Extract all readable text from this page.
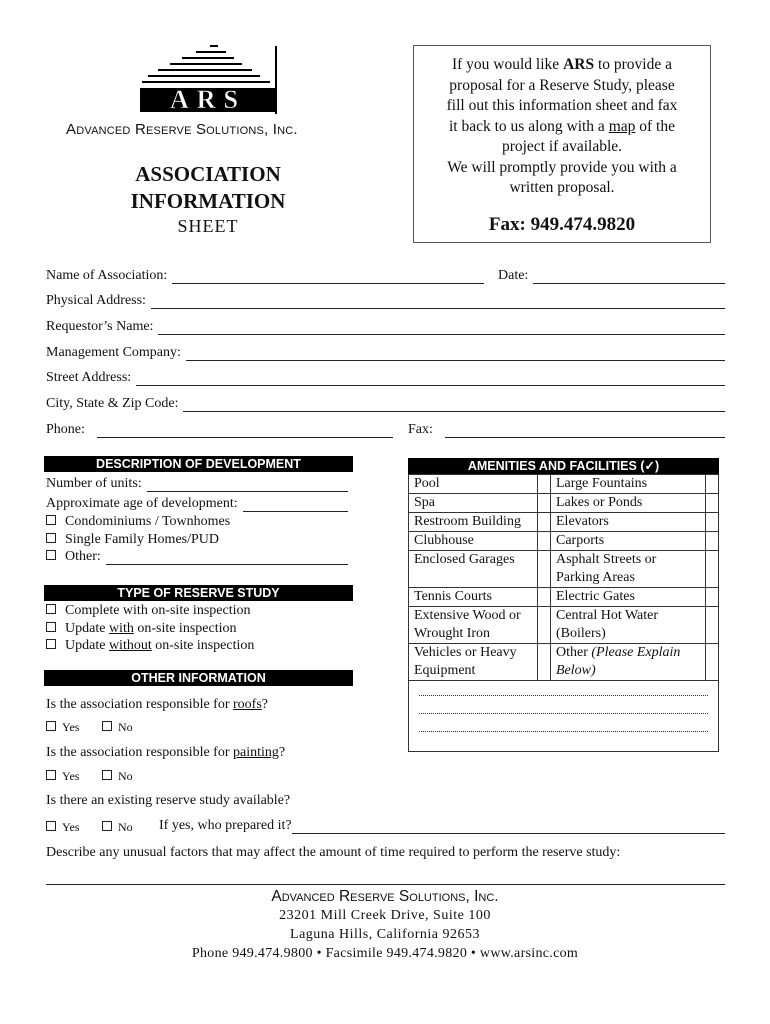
ARS
Advanced Reserve Solutions, Inc.
ASSOCIATION
INFORMATION
SHEET
If you would like ARS to provide a
proposal for a Reserve Study, please
fill out this information sheet and fax
it back to us along with a map of the
project if available.
We will promptly provide you with a
written proposal.
Fax: 949.474.9820
Name of Association:	Date:
Physical Address:
Requestor’s Name:
Management Company:
Street Address:
City, State & Zip Code:
Phone:	Fax:
DESCRIPTION OF DEVELOPMENT
Number of units:
Approximate age of development:
Condominiums / Townhomes
Single Family Homes/PUD
Other:
TYPE OF RESERVE STUDY
Complete with on-site inspection
Update with on-site inspection
Update without on-site inspection
OTHER INFORMATION
Is the association responsible for roofs?
Yes	No
Is the association responsible for painting?
Yes	No
Is there an existing reserve study available?
Yes	No If yes, who prepared it?
Describe any unusual factors that may affect the amount of time required to perform the reserve study:
AMENITIES AND FACILITIES (✓)
Pool		Large Fountains	
Spa		Lakes or Ponds	
Restroom Building		Elevators	
Clubhouse		Carports	
Enclosed Garages		Asphalt Streets or Parking Areas	
Tennis Courts		Electric Gates	
Extensive Wood or Wrought Iron		Central Hot Water (Boilers)	
Vehicles or Heavy Equipment		Other (Please Explain Below)	
Advanced Reserve Solutions, Inc.
23201 Mill Creek Drive, Suite 100
Laguna Hills, California 92653
Phone 949.474.9800 • Facsimile 949.474.9820 • www.arsinc.com
